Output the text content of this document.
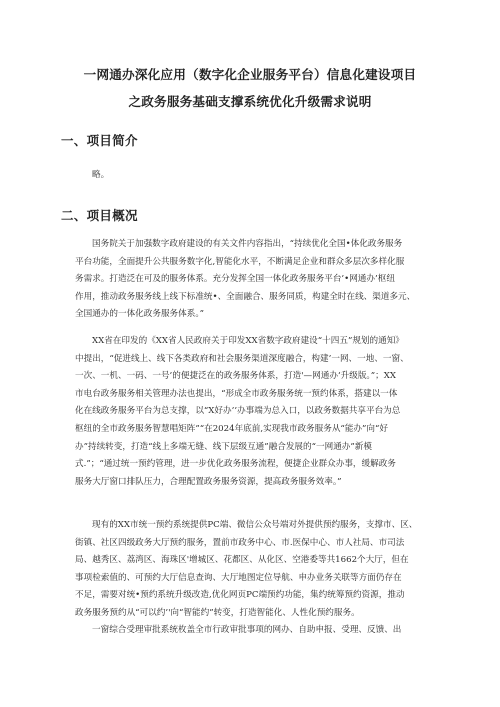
一网通办深化应用（数字化企业服务平台）信息化建设项目
之政务服务基础支撑系统优化升级需求说明
一、项目简介

略。

二、项目概况
国务院关于加强数字政府建设的有关文件内容指出，“持续优化全国•体化政务服务
平台功能，全面提升公共服务数字化,智能化水平，不断满足企业和群众多层次多样化服
务需求。打造泛在可及的服务体系。充分发挥全国一体化政务服务平台’•网通办’枢纽
作用，推动政务服务线上线下标准统•、全面融合、服务同质，构建全时在线、渠道多元、
全国通办的一体化政务服务体系。”
XX省在印发的《XX省人民政府关于印发XX省数字政府建设“十四五”规划的通知》
中提出，“促进线上、线下各类政府和社会服务渠道深度融合，构建’一网、一地、一窗、
一次、一机、一码、一号’的便捷泛在的政务服务体系，打造'—网通办‘升级版。”；XX
市电台政务服务相关管理办法也提出，“形成全市政务服务统一预约体系，搭建以一体
化在线政务服务平台为总支撑，以“X好办’’办事端为总入口，以政务数据共享平台为总
枢纽的全市政务服务智慧唱矩阵”“在2024年底前,实现我市政务服务从“能办”向“好
办”持续转变，打造“线上多端无缝、线下层级互通”融合发展的“一网通办”新模
式.”；“通过统一预约管理，进一步优化政务服务流程，便捷企业群众办事，缓解政务
服务大厅窗口排队压力，合理配置政务服务资源，提高政务服务效率。”
现有的XX市统一预约系统提供PC端、微信公众号端对外提供预约服务，支撑市、区、
街镇、社区四级政务大厅预约服务，置前市政务中心、市.医保中心、市人社局、市司法
局、越秀区、荔湾区、海珠区'增城区、花都区、从化区、空港委等共1662个大厅，但在
事项检索值的、可预约大厅信息查询、大厅地图定位导航、申办业务关联等方面仍存在
不足，需要对统•预约系统升级改造,优化网页PC端预约功能，集约统筹预约资源，推动
政务服务预约从“可以约’'向“智能约”转变，打造智能化、人性化预约服务。
一窗综合受理审批系统枚盖全市行政审批事项的网办、自助申报、受理、反馈、出
